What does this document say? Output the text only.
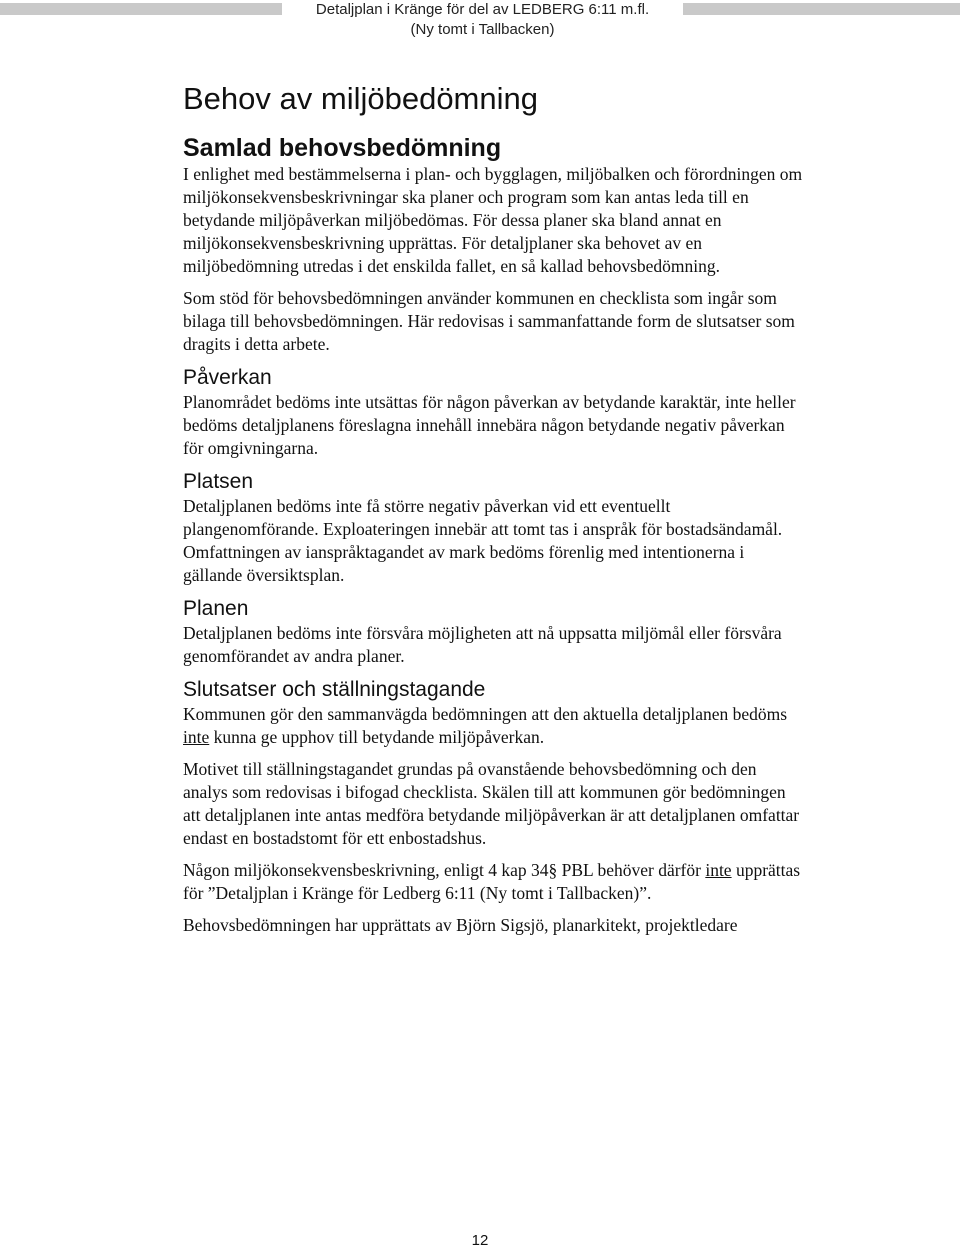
Detaljplan i Kränge för del av LEDBERG 6:11 m.fl.
(Ny tomt i Tallbacken)
Behov av miljöbedömning
Samlad behovsbedömning

I enlighet med bestämmelserna i plan- och bygglagen, miljöbalken och förordningen om miljökonsekvensbeskrivningar ska planer och program som kan antas leda till en betydande miljöpåverkan miljöbedömas. För dessa planer ska bland annat en miljökonsekvensbeskrivning upprättas. För detaljplaner ska behovet av en miljöbedömning utredas i det enskilda fallet, en så kallad behovsbedömning.

Som stöd för behovsbedömningen använder kommunen en checklista som ingår som bilaga till behovsbedömningen. Här redovisas i sammanfattande form de slutsatser som dragits i detta arbete.

Påverkan

Planområdet bedöms inte utsättas för någon påverkan av betydande karaktär, inte heller bedöms detaljplanens föreslagna innehåll innebära någon betydande negativ påverkan för omgivningarna.

Platsen

Detaljplanen bedöms inte få större negativ påverkan vid ett eventuellt plangenomförande. Exploateringen innebär att tomt tas i anspråk för bostadsändamål. Omfattningen av ianspråktagandet av mark bedöms förenlig med intentionerna i gällande översiktsplan.

Planen

Detaljplanen bedöms inte försvåra möjligheten att nå uppsatta miljömål eller försvåra genomförandet av andra planer.

Slutsatser och ställningstagande

Kommunen gör den sammanvägda bedömningen att den aktuella detaljplanen bedöms inte kunna ge upphov till betydande miljöpåverkan.

Motivet till ställningstagandet grundas på ovanstående behovsbedömning och den analys som redovisas i bifogad checklista. Skälen till att kommunen gör bedömningen att detaljplanen inte antas medföra betydande miljöpåverkan är att detaljplanen omfattar endast en bostadstomt för ett enbostadshus.

Någon miljökonsekvensbeskrivning, enligt 4 kap 34§ PBL behöver därför inte upprättas för ”Detaljplan i Kränge för Ledberg 6:11 (Ny tomt i Tallbacken)”.

Behovsbedömningen har upprättats av Björn Sigsjö, planarkitekt, projektledare

12
